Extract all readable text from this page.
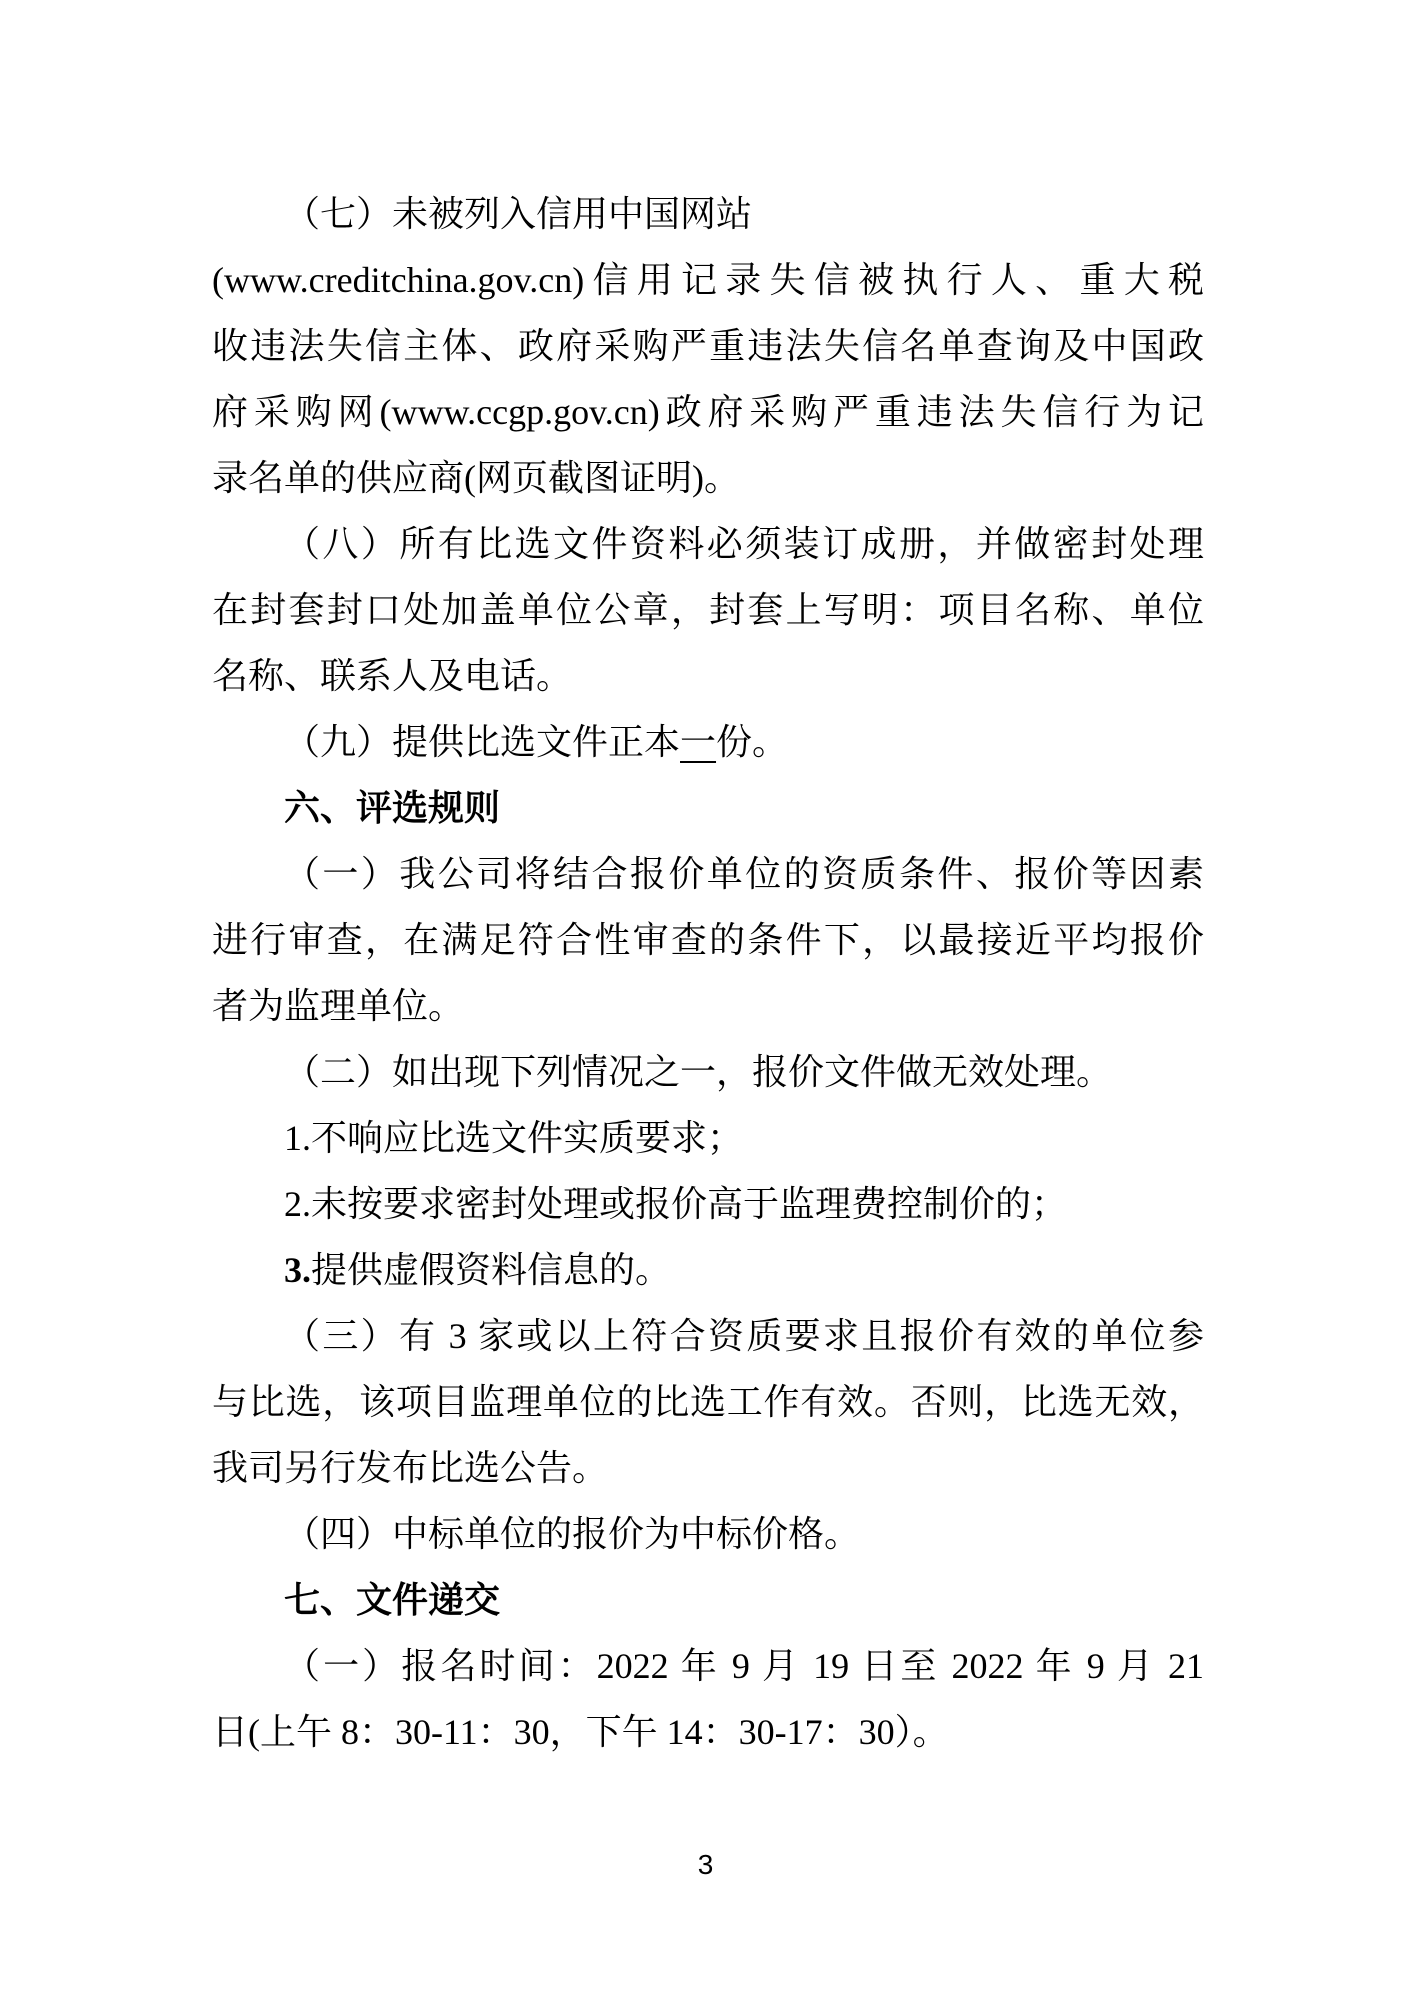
（七）未被列入信用中国网站
(www.creditchina.gov.cn)信用记录失信被执行人、重大税
收违法失信主体、政府采购严重违法失信名单查询及中国政
府采购网(www.ccgp.gov.cn)政府采购严重违法失信行为记
录名单的供应商(网页截图证明)。
（八）所有比选文件资料必须装订成册，并做密封处理
在封套封口处加盖单位公章，封套上写明：项目名称、单位
名称、联系人及电话。
（九）提供比选文件正本一份。
六、评选规则
（一）我公司将结合报价单位的资质条件、报价等因素
进行审查，在满足符合性审查的条件下，以最接近平均报价
者为监理单位。
（二）如出现下列情况之一，报价文件做无效处理。
1.不响应比选文件实质要求；
2.未按要求密封处理或报价高于监理费控制价的；
3.提供虚假资料信息的。
（三）有 3 家或以上符合资质要求且报价有效的单位参
与比选，该项目监理单位的比选工作有效。否则，比选无效，
我司另行发布比选公告。
（四）中标单位的报价为中标价格。
七、文件递交
（一）报名时间：2022 年 9 月 19 日至 2022 年 9 月 21
日(上午 8：30-11：30，下午 14：30-17：30）。
3
